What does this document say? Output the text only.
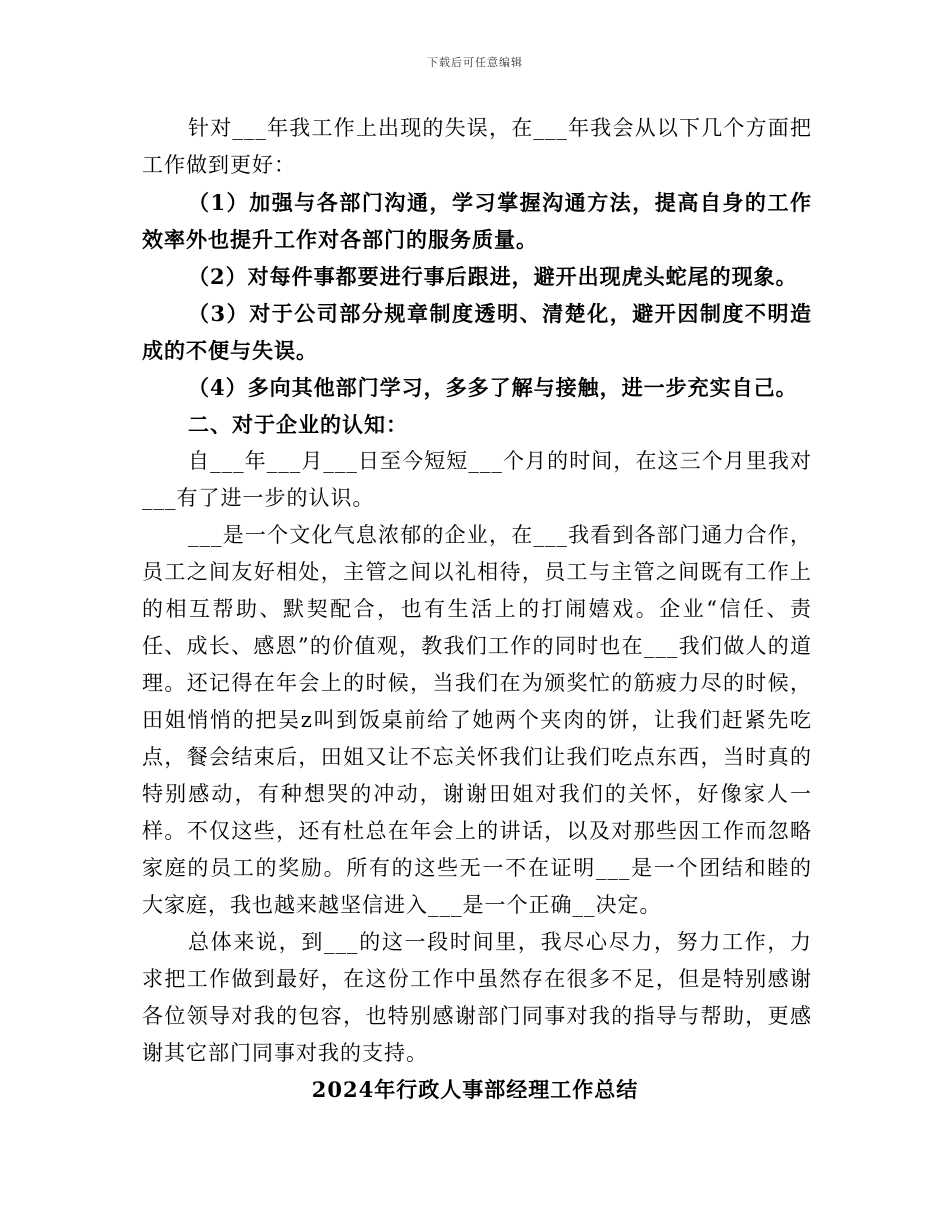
下载后可任意编辑

针对___年我工作上出现的失误，在___年我会从以下几个方面把工作做到更好：

（1）加强与各部门沟通，学习掌握沟通方法，提高自身的工作效率外也提升工作对各部门的服务质量。

（2）对每件事都要进行事后跟进，避开出现虎头蛇尾的现象。

（3）对于公司部分规章制度透明、清楚化，避开因制度不明造成的不便与失误。

（4）多向其他部门学习，多多了解与接触，进一步充实自己。

二、对于企业的认知：

自___年___月___日至今短短___个月的时间，在这三个月里我对___有了进一步的认识。

___是一个文化气息浓郁的企业，在___我看到各部门通力合作，员工之间友好相处，主管之间以礼相待，员工与主管之间既有工作上的相互帮助、默契配合，也有生活上的打闹嬉戏。企业“信任、责任、成长、感恩”的价值观，教我们工作的同时也在___我们做人的道理。还记得在年会上的时候，当我们在为颁奖忙的筋疲力尽的时候，田姐悄悄的把吴z叫到饭桌前给了她两个夹肉的饼，让我们赶紧先吃点，餐会结束后，田姐又让不忘关怀我们让我们吃点东西，当时真的特别感动，有种想哭的冲动，谢谢田姐对我们的关怀，好像家人一样。不仅这些，还有杜总在年会上的讲话，以及对那些因工作而忽略家庭的员工的奖励。所有的这些无一不在证明___是一个团结和睦的大家庭，我也越来越坚信进入___是一个正确__决定。

总体来说，到___的这一段时间里，我尽心尽力，努力工作，力求把工作做到最好，在这份工作中虽然存在很多不足，但是特别感谢各位领导对我的包容，也特别感谢部门同事对我的指导与帮助，更感谢其它部门同事对我的支持。

2024年行政人事部经理工作总结
